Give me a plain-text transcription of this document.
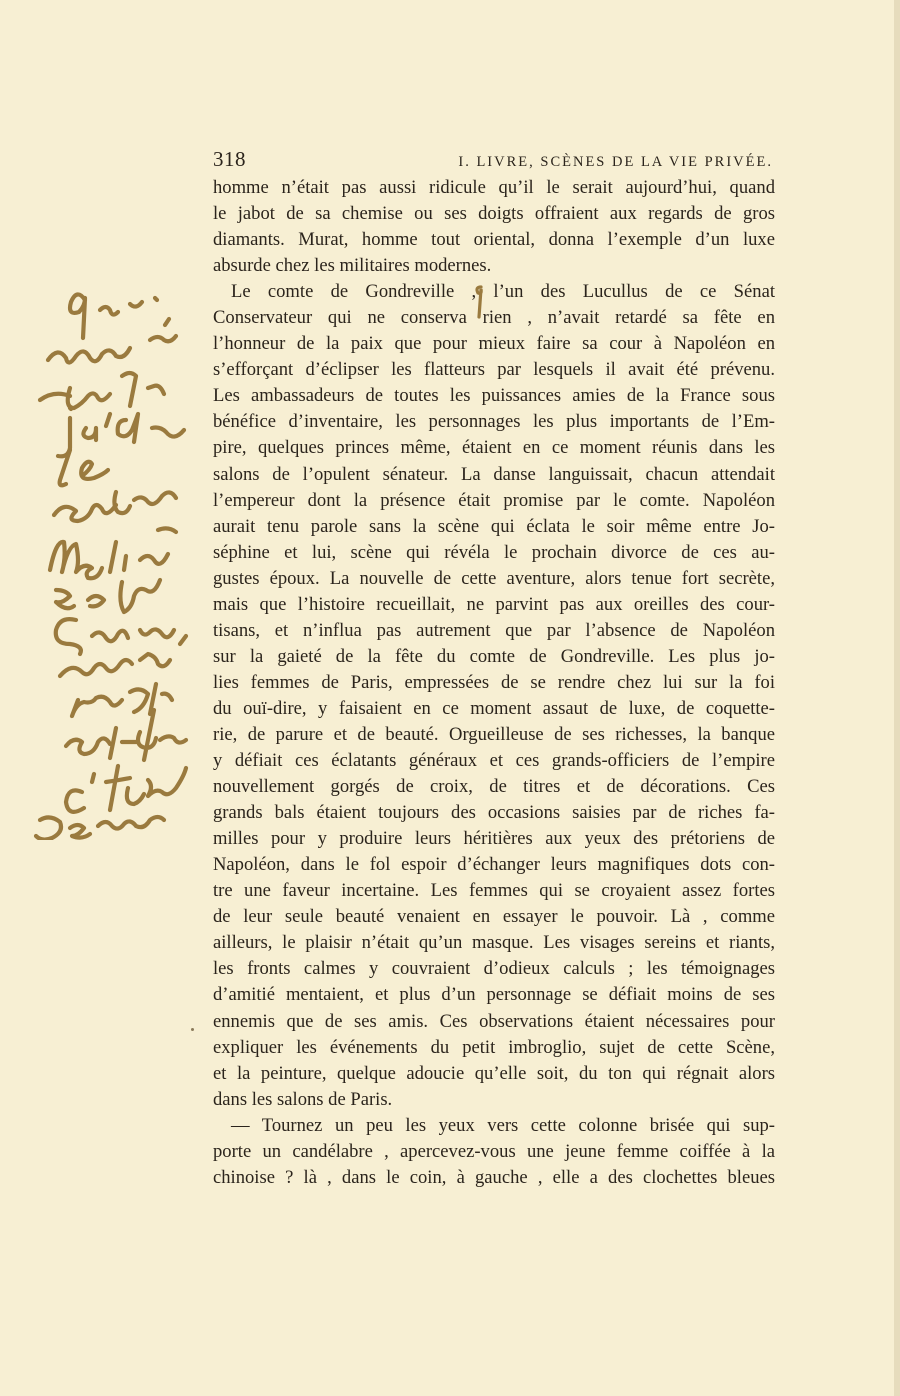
318	I. LIVRE, SCÈNES DE LA VIE PRIVÉE.
homme n’était pas aussi ridicule qu’il le serait aujourd’hui, quand
le jabot de sa chemise ou ses doigts offraient aux regards de gros
diamants. Murat, homme tout oriental, donna l’exemple d’un luxe
absurde chez les militaires modernes.
Le comte de Gondreville , l’un des Lucullus de ce Sénat
Conservateur qui ne conserva rien , n’avait retardé sa fête en
l’honneur de la paix que pour mieux faire sa cour à Napoléon en
s’efforçant d’éclipser les flatteurs par lesquels il avait été prévenu.
Les ambassadeurs de toutes les puissances amies de la France sous
bénéfice d’inventaire, les personnages les plus importants de l’Em-
pire, quelques princes même, étaient en ce moment réunis dans les
salons de l’opulent sénateur. La danse languissait, chacun attendait
l’empereur dont la présence était promise par le comte. Napoléon
aurait tenu parole sans la scène qui éclata le soir même entre Jo-
séphine et lui, scène qui révéla le prochain divorce de ces au-
gustes époux. La nouvelle de cette aventure, alors tenue fort secrète,
mais que l’histoire recueillait, ne parvint pas aux oreilles des cour-
tisans, et n’influa pas autrement que par l’absence de Napoléon
sur la gaieté de la fête du comte de Gondreville. Les plus jo-
lies femmes de Paris, empressées de se rendre chez lui sur la foi
du ouï-dire, y faisaient en ce moment assaut de luxe, de coquette-
rie, de parure et de beauté. Orgueilleuse de ses richesses, la banque
y défiait ces éclatants généraux et ces grands-officiers de l’empire
nouvellement gorgés de croix, de titres et de décorations. Ces
grands bals étaient toujours des occasions saisies par de riches fa-
milles pour y produire leurs héritières aux yeux des prétoriens de
Napoléon, dans le fol espoir d’échanger leurs magnifiques dots con-
tre une faveur incertaine. Les femmes qui se croyaient assez fortes
de leur seule beauté venaient en essayer le pouvoir. Là , comme
ailleurs, le plaisir n’était qu’un masque. Les visages sereins et riants,
les fronts calmes y couvraient d’odieux calculs ; les témoignages
d’amitié mentaient, et plus d’un personnage se défiait moins de ses
ennemis que de ses amis. Ces observations étaient nécessaires pour
expliquer les événements du petit imbroglio, sujet de cette Scène,
et la peinture, quelque adoucie qu’elle soit, du ton qui régnait alors
dans les salons de Paris.
— Tournez un peu les yeux vers cette colonne brisée qui sup-
porte un candélabre , apercevez-vous une jeune femme coiffée à la
chinoise ? là , dans le coin, à gauche , elle a des clochettes bleues
